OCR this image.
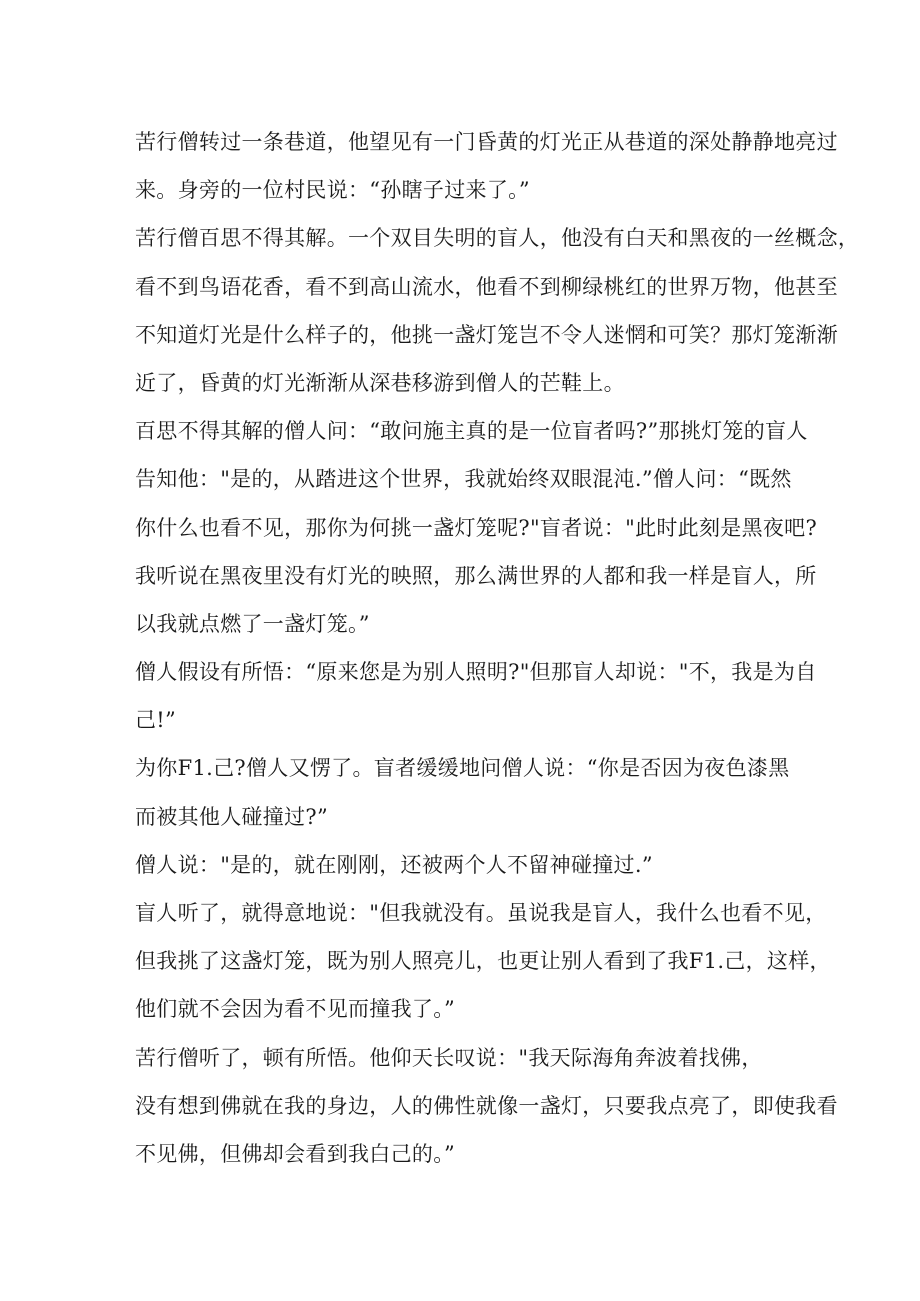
苦行僧转过一条巷道，他望见有一门昏黄的灯光正从巷道的深处静静地亮过
来。身旁的一位村民说：“孙瞎子过来了。”
苦行僧百思不得其解。一个双目失明的盲人，他没有白天和黑夜的一丝概念，
看不到鸟语花香，看不到高山流水，他看不到柳绿桃红的世界万物，他甚至
不知道灯光是什么样子的，他挑一盏灯笼岂不令人迷惘和可笑？那灯笼渐渐
近了，昏黄的灯光渐渐从深巷移游到僧人的芒鞋上。
百思不得其解的僧人问：“敢问施主真的是一位盲者吗?”那挑灯笼的盲人
告知他："是的，从踏进这个世界，我就始终双眼混沌.”僧人问：“既然
你什么也看不见，那你为何挑一盏灯笼呢?"盲者说："此时此刻是黑夜吧?
我听说在黑夜里没有灯光的映照，那么满世界的人都和我一样是盲人，所
以我就点燃了一盏灯笼。”
僧人假设有所悟：“原来您是为别人照明?"但那盲人却说："不，我是为自
己!”
为你F1.己?僧人又愣了。盲者缓缓地问僧人说：“你是否因为夜色漆黑
而被其他人碰撞过?”
僧人说："是的，就在刚刚，还被两个人不留神碰撞过.”
盲人听了，就得意地说："但我就没有。虽说我是盲人，我什么也看不见，
但我挑了这盏灯笼，既为别人照亮儿，也更让别人看到了我F1.己，这样，
他们就不会因为看不见而撞我了。”
苦行僧听了，顿有所悟。他仰天长叹说："我天际海角奔波着找佛，
没有想到佛就在我的身边，人的佛性就像一盏灯，只要我点亮了，即使我看
不见佛，但佛却会看到我白己的。”
